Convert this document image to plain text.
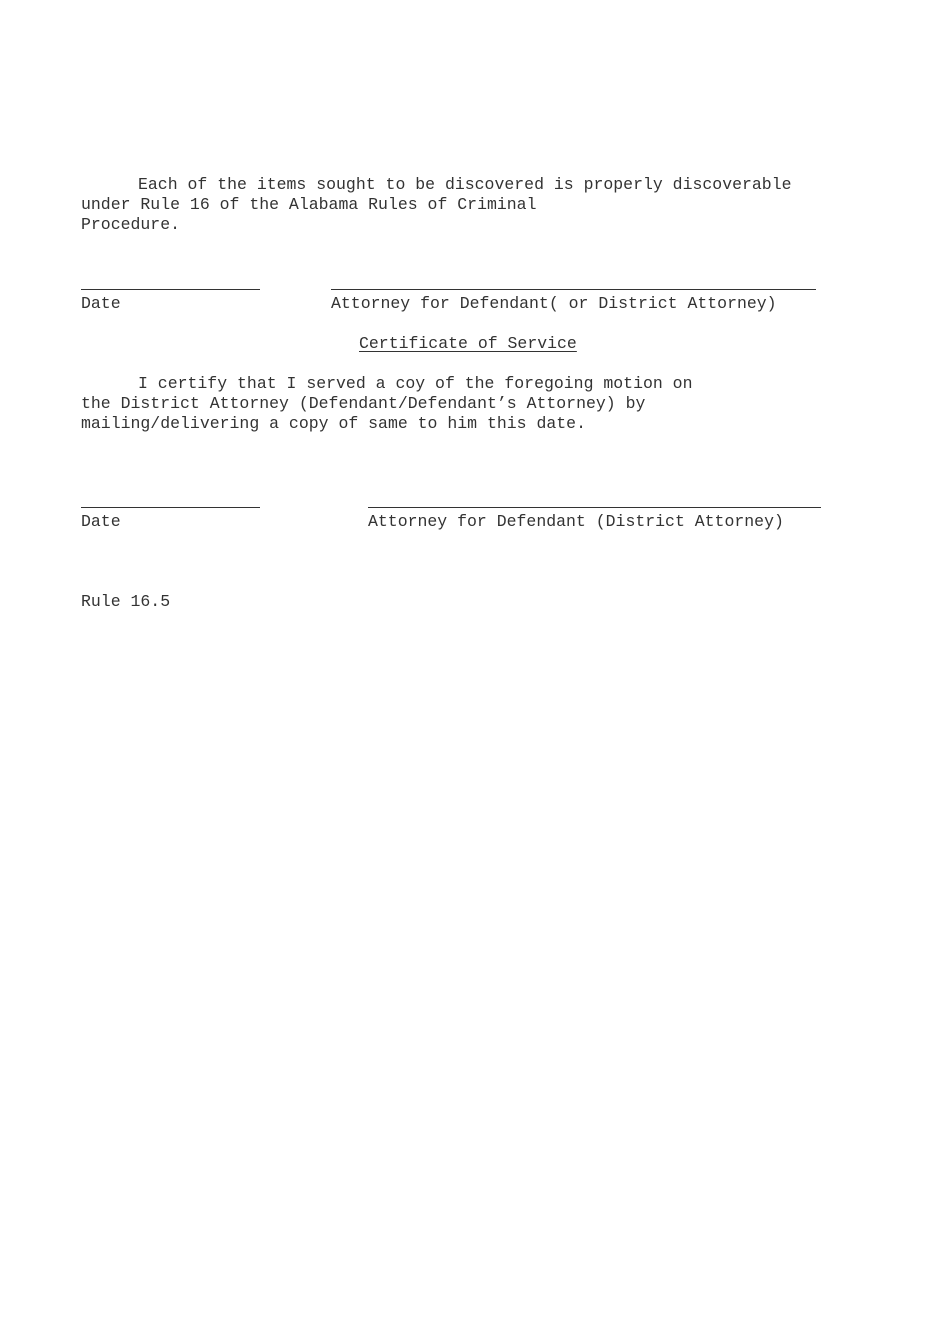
Each of the items sought to be discovered is properly discoverable
under Rule 16 of the Alabama Rules of Criminal
Procedure.
Date	Attorney for Defendant( or District Attorney)
Certificate of Service
I certify that I served a coy of the foregoing motion on
the District Attorney (Defendant/Defendant’s Attorney) by
mailing/delivering a copy of same to him this date.
Date	Attorney for Defendant (District Attorney)
Rule 16.5
